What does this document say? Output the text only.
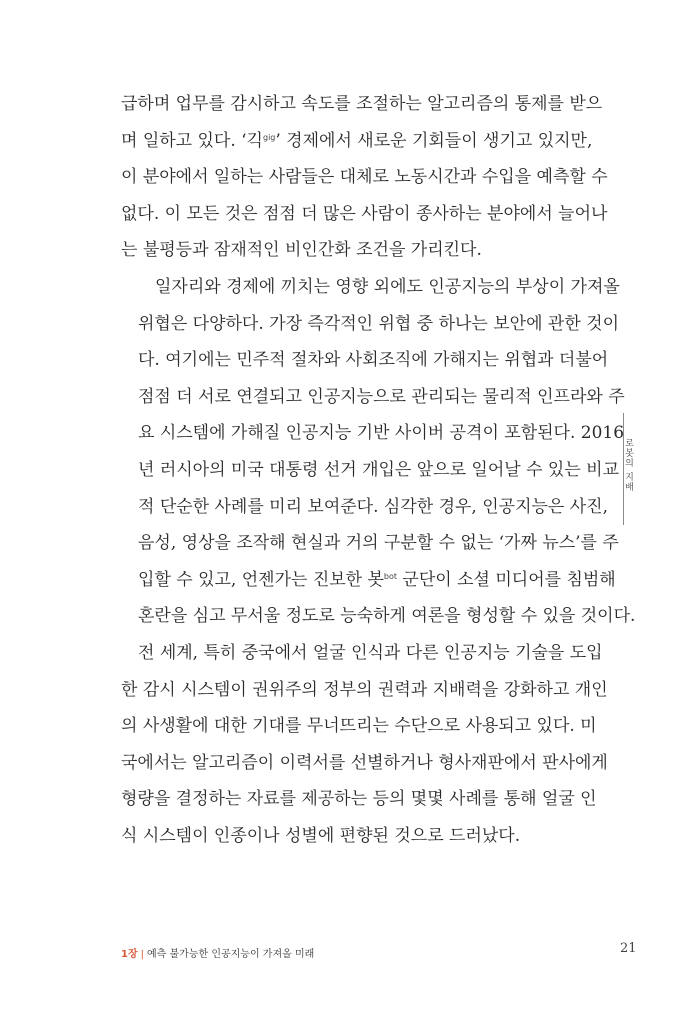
급하며 업무를 감시하고 속도를 조절하는 알고리즘의 통제를 받으
며 일하고 있다. ‘긱$^{gig}$’ 경제에서 새로운 기회들이 생기고 있지만,
이 분야에서 일하는 사람들은 대체로 노동시간과 수입을 예측할 수
없다. 이 모든 것은 점점 더 많은 사람이 종사하는 분야에서 늘어나
는 불평등과 잠재적인 비인간화 조건을 가리킨다.

일자리와 경제에 끼치는 영향 외에도 인공지능의 부상이 가져올
위협은 다양하다. 가장 즉각적인 위협 중 하나는 보안에 관한 것이
다. 여기에는 민주적 절차와 사회조직에 가해지는 위협과 더불어
점점 더 서로 연결되고 인공지능으로 관리되는 물리적 인프라와 주
요 시스템에 가해질 인공지능 기반 사이버 공격이 포함된다. 2016
년 러시아의 미국 대통령 선거 개입은 앞으로 일어날 수 있는 비교
적 단순한 사례를 미리 보여준다. 심각한 경우, 인공지능은 사진,
음성, 영상을 조작해 현실과 거의 구분할 수 없는 ‘가짜 뉴스’를 주
입할 수 있고, 언젠가는 진보한 봇$^{bot}$ 군단이 소셜 미디어를 침범해
혼란을 심고 무서울 정도로 능숙하게 여론을 형성할 수 있을 것이다.

전 세계, 특히 중국에서 얼굴 인식과 다른 인공지능 기술을 도입
한 감시 시스템이 권위주의 정부의 권력과 지배력을 강화하고 개인
의 사생활에 대한 기대를 무너뜨리는 수단으로 사용되고 있다. 미
국에서는 알고리즘이 이력서를 선별하거나 형사재판에서 판사에게
형량을 결정하는 자료를 제공하는 등의 몇몇 사례를 통해 얼굴 인
식 시스템이 인종이나 성별에 편향된 것으로 드러났다.

로봇의 지배
1장 | 예측 불가능한 인공지능이 가져올 미래	21
